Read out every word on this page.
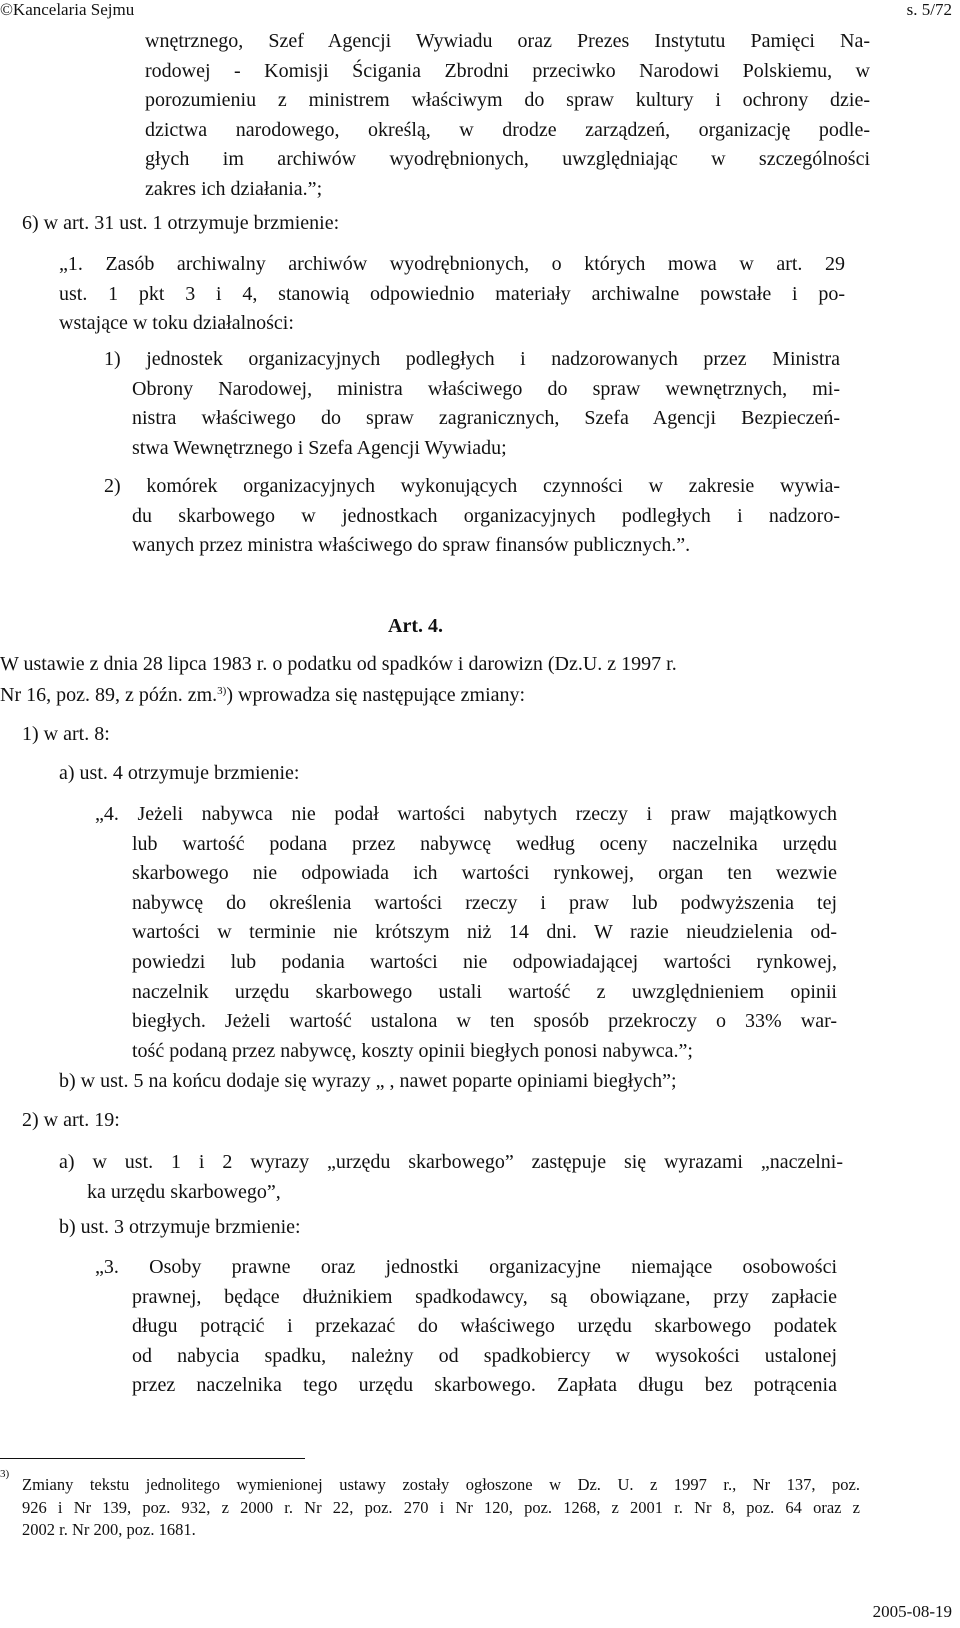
©Kancelaria Sejmu	s. 5/72
wnętrznego, Szef Agencji Wywiadu oraz Prezes Instytutu Pamięci Na-
rodowej - Komisji Ścigania Zbrodni przeciwko Narodowi Polskiemu, w
porozumieniu z ministrem właściwym do spraw kultury i ochrony dzie-
dzictwa narodowego, określą, w drodze zarządzeń, organizację podle-
głych im archiwów wyodrębnionych, uwzględniając w szczególności
zakres ich działania.”;
6) w art. 31 ust. 1 otrzymuje brzmienie:
„1. Zasób archiwalny archiwów wyodrębnionych, o których mowa w art. 29
ust. 1 pkt 3 i 4, stanowią odpowiednio materiały archiwalne powstałe i po-
wstające w toku działalności:
1) jednostek organizacyjnych podległych i nadzorowanych przez Ministra
Obrony Narodowej, ministra właściwego do spraw wewnętrznych, mi-
nistra właściwego do spraw zagranicznych, Szefa Agencji Bezpieczeń-
stwa Wewnętrznego i Szefa Agencji Wywiadu;
2) komórek organizacyjnych wykonujących czynności w zakresie wywia-
du skarbowego w jednostkach organizacyjnych podległych i nadzoro-
wanych przez ministra właściwego do spraw finansów publicznych.”.
Art. 4.
W ustawie z dnia 28 lipca 1983 r. o podatku od spadków i darowizn (Dz.U. z 1997 r.
Nr 16, poz. 89, z późn. zm.$^{3)}$) wprowadza się następujące zmiany:
1) w art. 8:
a) ust. 4 otrzymuje brzmienie:
„4. Jeżeli nabywca nie podał wartości nabytych rzeczy i praw majątkowych
lub wartość podana przez nabywcę według oceny naczelnika urzędu
skarbowego nie odpowiada ich wartości rynkowej, organ ten wezwie
nabywcę do określenia wartości rzeczy i praw lub podwyższenia tej
wartości w terminie nie krótszym niż 14 dni. W razie nieudzielenia od-
powiedzi lub podania wartości nie odpowiadającej wartości rynkowej,
naczelnik urzędu skarbowego ustali wartość z uwzględnieniem opinii
biegłych. Jeżeli wartość ustalona w ten sposób przekroczy o 33% war-
tość podaną przez nabywcę, koszty opinii biegłych ponosi nabywca.”;
b) w ust. 5 na końcu dodaje się wyrazy „ , nawet poparte opiniami biegłych”;
2) w art. 19:
a) w ust. 1 i 2 wyrazy „urzędu skarbowego” zastępuje się wyrazami „naczelni-
ka urzędu skarbowego”,
b) ust. 3 otrzymuje brzmienie:
„3. Osoby prawne oraz jednostki organizacyjne niemające osobowości
prawnej, będące dłużnikiem spadkodawcy, są obowiązane, przy zapłacie
długu potrącić i przekazać do właściwego urzędu skarbowego podatek
od nabycia spadku, należny od spadkobiercy w wysokości ustalonej
przez naczelnika tego urzędu skarbowego. Zapłata długu bez potrącenia
3)
Zmiany tekstu jednolitego wymienionej ustawy zostały ogłoszone w Dz. U. z 1997 r., Nr 137, poz.
926 i Nr 139, poz. 932, z 2000 r. Nr 22, poz. 270 i Nr 120, poz. 1268, z 2001 r. Nr 8, poz. 64 oraz z
2002 r. Nr 200, poz. 1681.
2005-08-19
